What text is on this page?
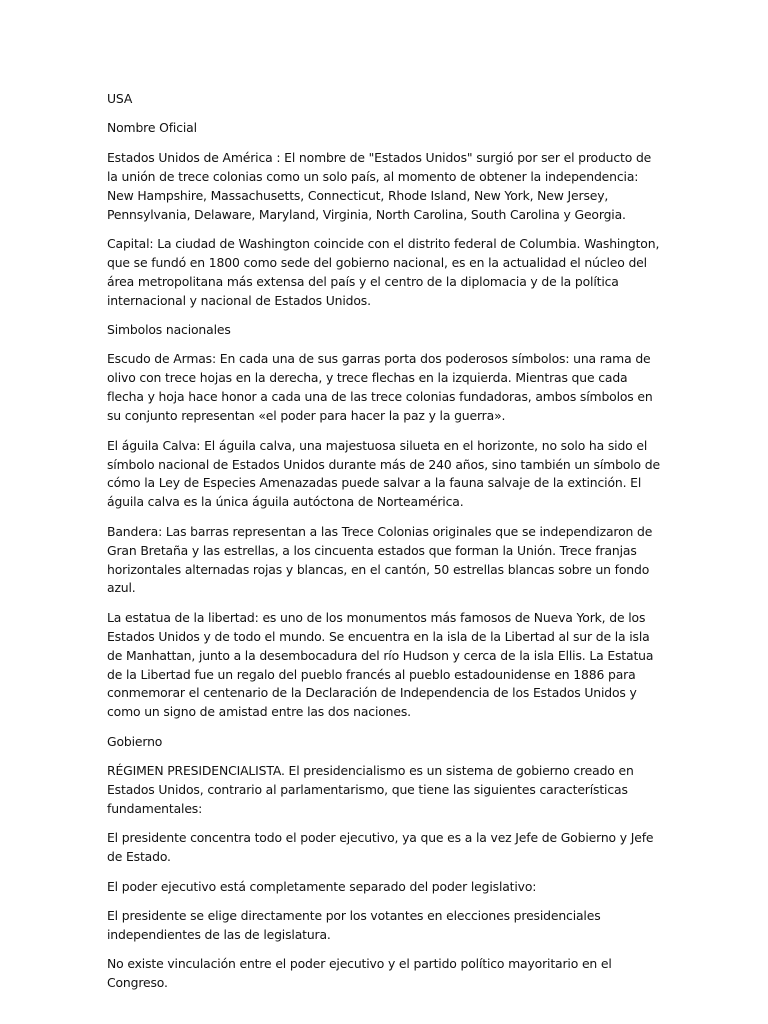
USA

Nombre Oficial

Estados Unidos de América : El nombre de "Estados Unidos" surgió por ser el producto de la unión de trece colonias como un solo país, al momento de obtener la independencia: New Hampshire, Massachusetts, Connecticut, Rhode Island, New York, New Jersey, Pennsylvania, Delaware, Maryland, Virginia, North Carolina, South Carolina y Georgia.

Capital: La ciudad de Washington coincide con el distrito federal de Columbia. Washington, que se fundó en 1800 como sede del gobierno nacional, es en la actualidad el núcleo del área metropolitana más extensa del país y el centro de la diplomacia y de la política internacional y nacional de Estados Unidos.

Simbolos nacionales

Escudo de Armas: En cada una de sus garras porta dos poderosos símbolos: una rama de olivo con trece hojas en la derecha, y trece flechas en la izquierda. Mientras que cada flecha y hoja hace honor a cada una de las trece colonias fundadoras, ambos símbolos en su conjunto representan «el poder para hacer la paz y la guerra».

El águila Calva: El águila calva, una majestuosa silueta en el horizonte, no solo ha sido el símbolo nacional de Estados Unidos durante más de 240 años, sino también un símbolo de cómo la Ley de Especies Amenazadas puede salvar a la fauna salvaje de la extinción. El águila calva es la única águila autóctona de Norteamérica.

Bandera: Las barras representan a las Trece Colonias originales que se independizaron de Gran Bretaña y las estrellas, a los cincuenta estados que forman la Unión. Trece franjas horizontales alternadas rojas y blancas, en el cantón, 50 estrellas blancas sobre un fondo azul.

La estatua de la libertad: es uno de los monumentos más famosos de Nueva York, de los Estados Unidos y de todo el mundo. Se encuentra en la isla de la Libertad al sur de la isla de Manhattan, junto a la desembocadura del río Hudson y cerca de la isla Ellis. La Estatua de la Libertad fue un regalo del pueblo francés al pueblo estadounidense en 1886 para conmemorar el centenario de la Declaración de Independencia de los Estados Unidos y como un signo de amistad entre las dos naciones.

Gobierno

RÉGIMEN PRESIDENCIALISTA. El presidencialismo es un sistema de gobierno creado en Estados Unidos, contrario al parlamentarismo, que tiene las siguientes características fundamentales:

El presidente concentra todo el poder ejecutivo, ya que es a la vez Jefe de Gobierno y Jefe de Estado.

El poder ejecutivo está completamente separado del poder legislativo:

El presidente se elige directamente por los votantes en elecciones presidenciales independientes de las de legislatura.

No existe vinculación entre el poder ejecutivo y el partido político mayoritario en el Congreso.
